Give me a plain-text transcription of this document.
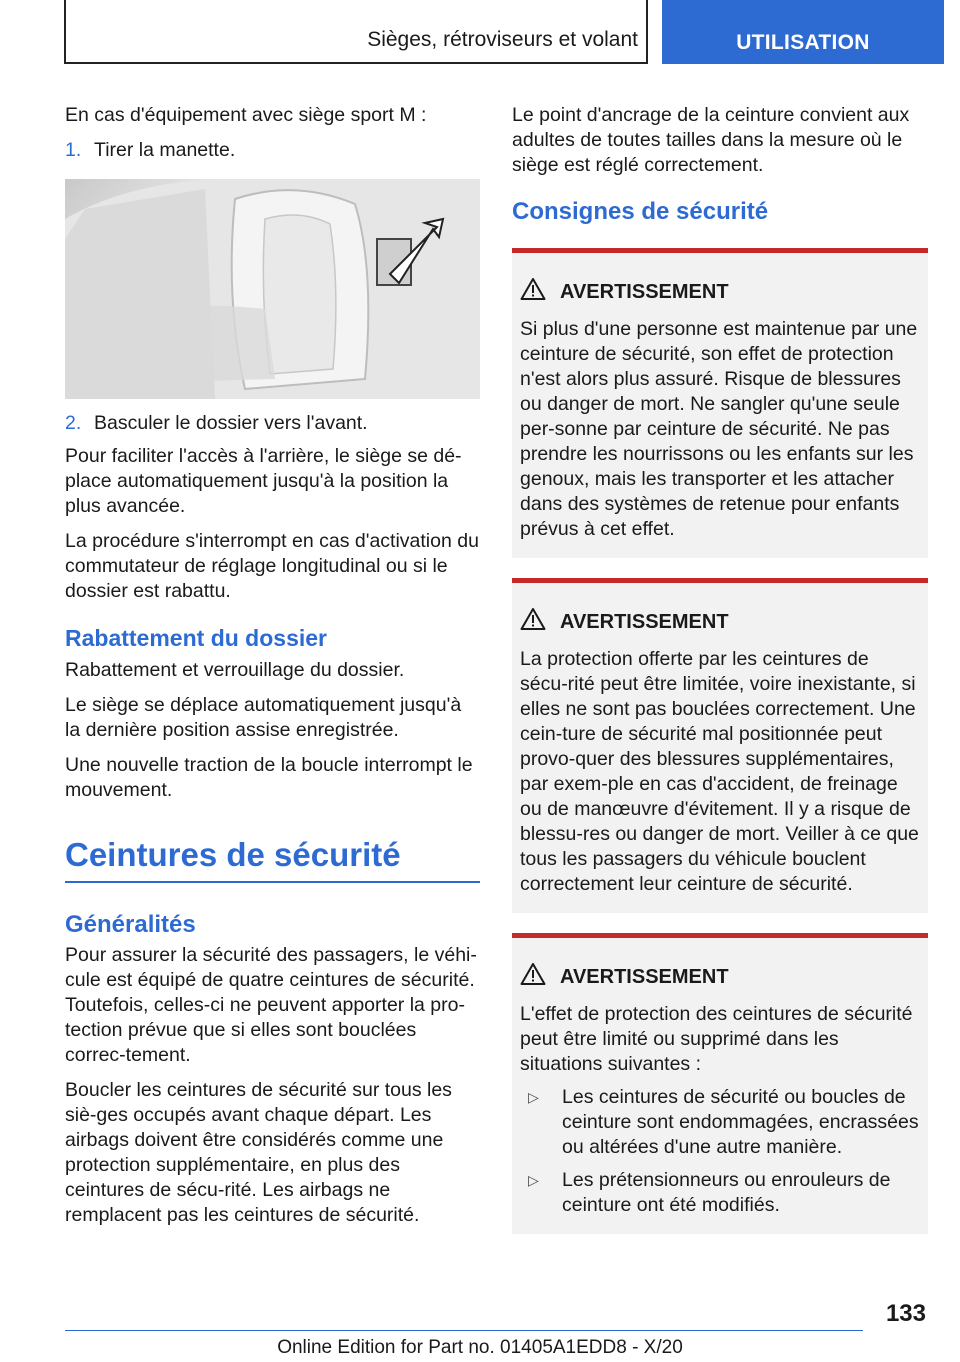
Sièges, rétroviseurs et volant	UTILISATION

En cas d'équipement avec siège sport M :

1. Tirer la manette.
2. Basculer le dossier vers l'avant.

Pour faciliter l'accès à l'arrière, le siège se dé-place automatiquement jusqu'à la position la plus avancée.

La procédure s'interrompt en cas d'activation du commutateur de réglage longitudinal ou si le dossier est rabattu.

Rabattement du dossier

Rabattement et verrouillage du dossier.

Le siège se déplace automatiquement jusqu'à la dernière position assise enregistrée.

Une nouvelle traction de la boucle interrompt le mouvement.

Ceintures de sécurité
Généralités

Pour assurer la sécurité des passagers, le véhi-cule est équipé de quatre ceintures de sécurité. Toutefois, celles-ci ne peuvent apporter la pro-tection prévue que si elles sont bouclées correc-tement.

Boucler les ceintures de sécurité sur tous les siè-ges occupés avant chaque départ. Les airbags doivent être considérés comme une protection supplémentaire, en plus des ceintures de sécu-rité. Les airbags ne remplacent pas les ceintures de sécurité.

Le point d'ancrage de la ceinture convient aux adultes de toutes tailles dans la mesure où le siège est réglé correctement.

Consignes de sécurité
AVERTISSEMENT

Si plus d'une personne est maintenue par une ceinture de sécurité, son effet de protection n'est alors plus assuré. Risque de blessures ou danger de mort. Ne sangler qu'une seule per-sonne par ceinture de sécurité. Ne pas prendre les nourrissons ou les enfants sur les genoux, mais les transporter et les attacher dans des systèmes de retenue pour enfants prévus à cet effet.

AVERTISSEMENT

La protection offerte par les ceintures de sécu-rité peut être limitée, voire inexistante, si elles ne sont pas bouclées correctement. Une cein-ture de sécurité mal positionnée peut provo-quer des blessures supplémentaires, par exem-ple en cas d'accident, de freinage ou de manœuvre d'évitement. Il y a risque de blessu-res ou danger de mort. Veiller à ce que tous les passagers du véhicule bouclent correctement leur ceinture de sécurité.

AVERTISSEMENT

L'effet de protection des ceintures de sécurité peut être limité ou supprimé dans les situations suivantes :

▷	Les ceintures de sécurité ou boucles de ceinture sont endommagées, encrassées ou altérées d'une autre manière.
▷	Les prétensionneurs ou enrouleurs de ceinture ont été modifiés.
133
Online Edition for Part no. 01405A1EDD8 - X/20
